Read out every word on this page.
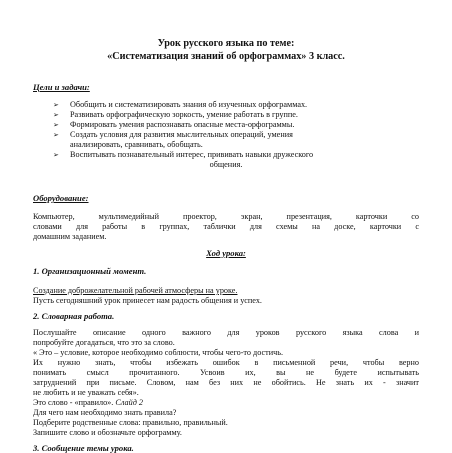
Урок русского языка по теме:
«Систематизация знаний об орфограммах» 3 класс.
Цели и задачи:
➢ Обобщить и систематизировать знания об изученных орфограммах.
➢ Развивать орфографическую зоркость, умение работать в группе.
➢ Формировать умения распознавать опасные места-орфограммы.
➢ Создать условия для развития мыслительных операций, умения
анализировать, сравнивать, обобщать.
➢ Воспитывать познавательный интерес, прививать навыки дружеского
общения.
Оборудование:
Компьютер, мультимедийный проектор, экран, презентация, карточки со
словами для работы в группах, таблички для схемы на доске, карточки с
домашним заданием.
Ход урока:
1. Организационный момент.
Создание доброжелательной рабочей атмосферы на уроке.
Пусть сегодняшний урок принесет нам радость общения и успех.
2. Словарная работа.
Послушайте описание одного важного для уроков русского языка слова и
попробуйте догадаться, что это за слово.
« Это – условие, которое необходимо соблюсти, чтобы чего-то достичь.
Их нужно знать, чтобы избежать ошибок в письменной речи, чтобы верно
понимать смысл прочитанного. Усвоив их, вы не будете испытывать
затруднений при письме. Словом, нам без них не обойтись. Не знать их - значит
не любить и не уважать себя».
Это слово - «правило». Слайд 2
Для чего нам необходимо знать правила?
Подберите родственные слова: правильно, правильный.
Запишите слово и обозначьте орфограмму.
3. Сообщение темы урока.
